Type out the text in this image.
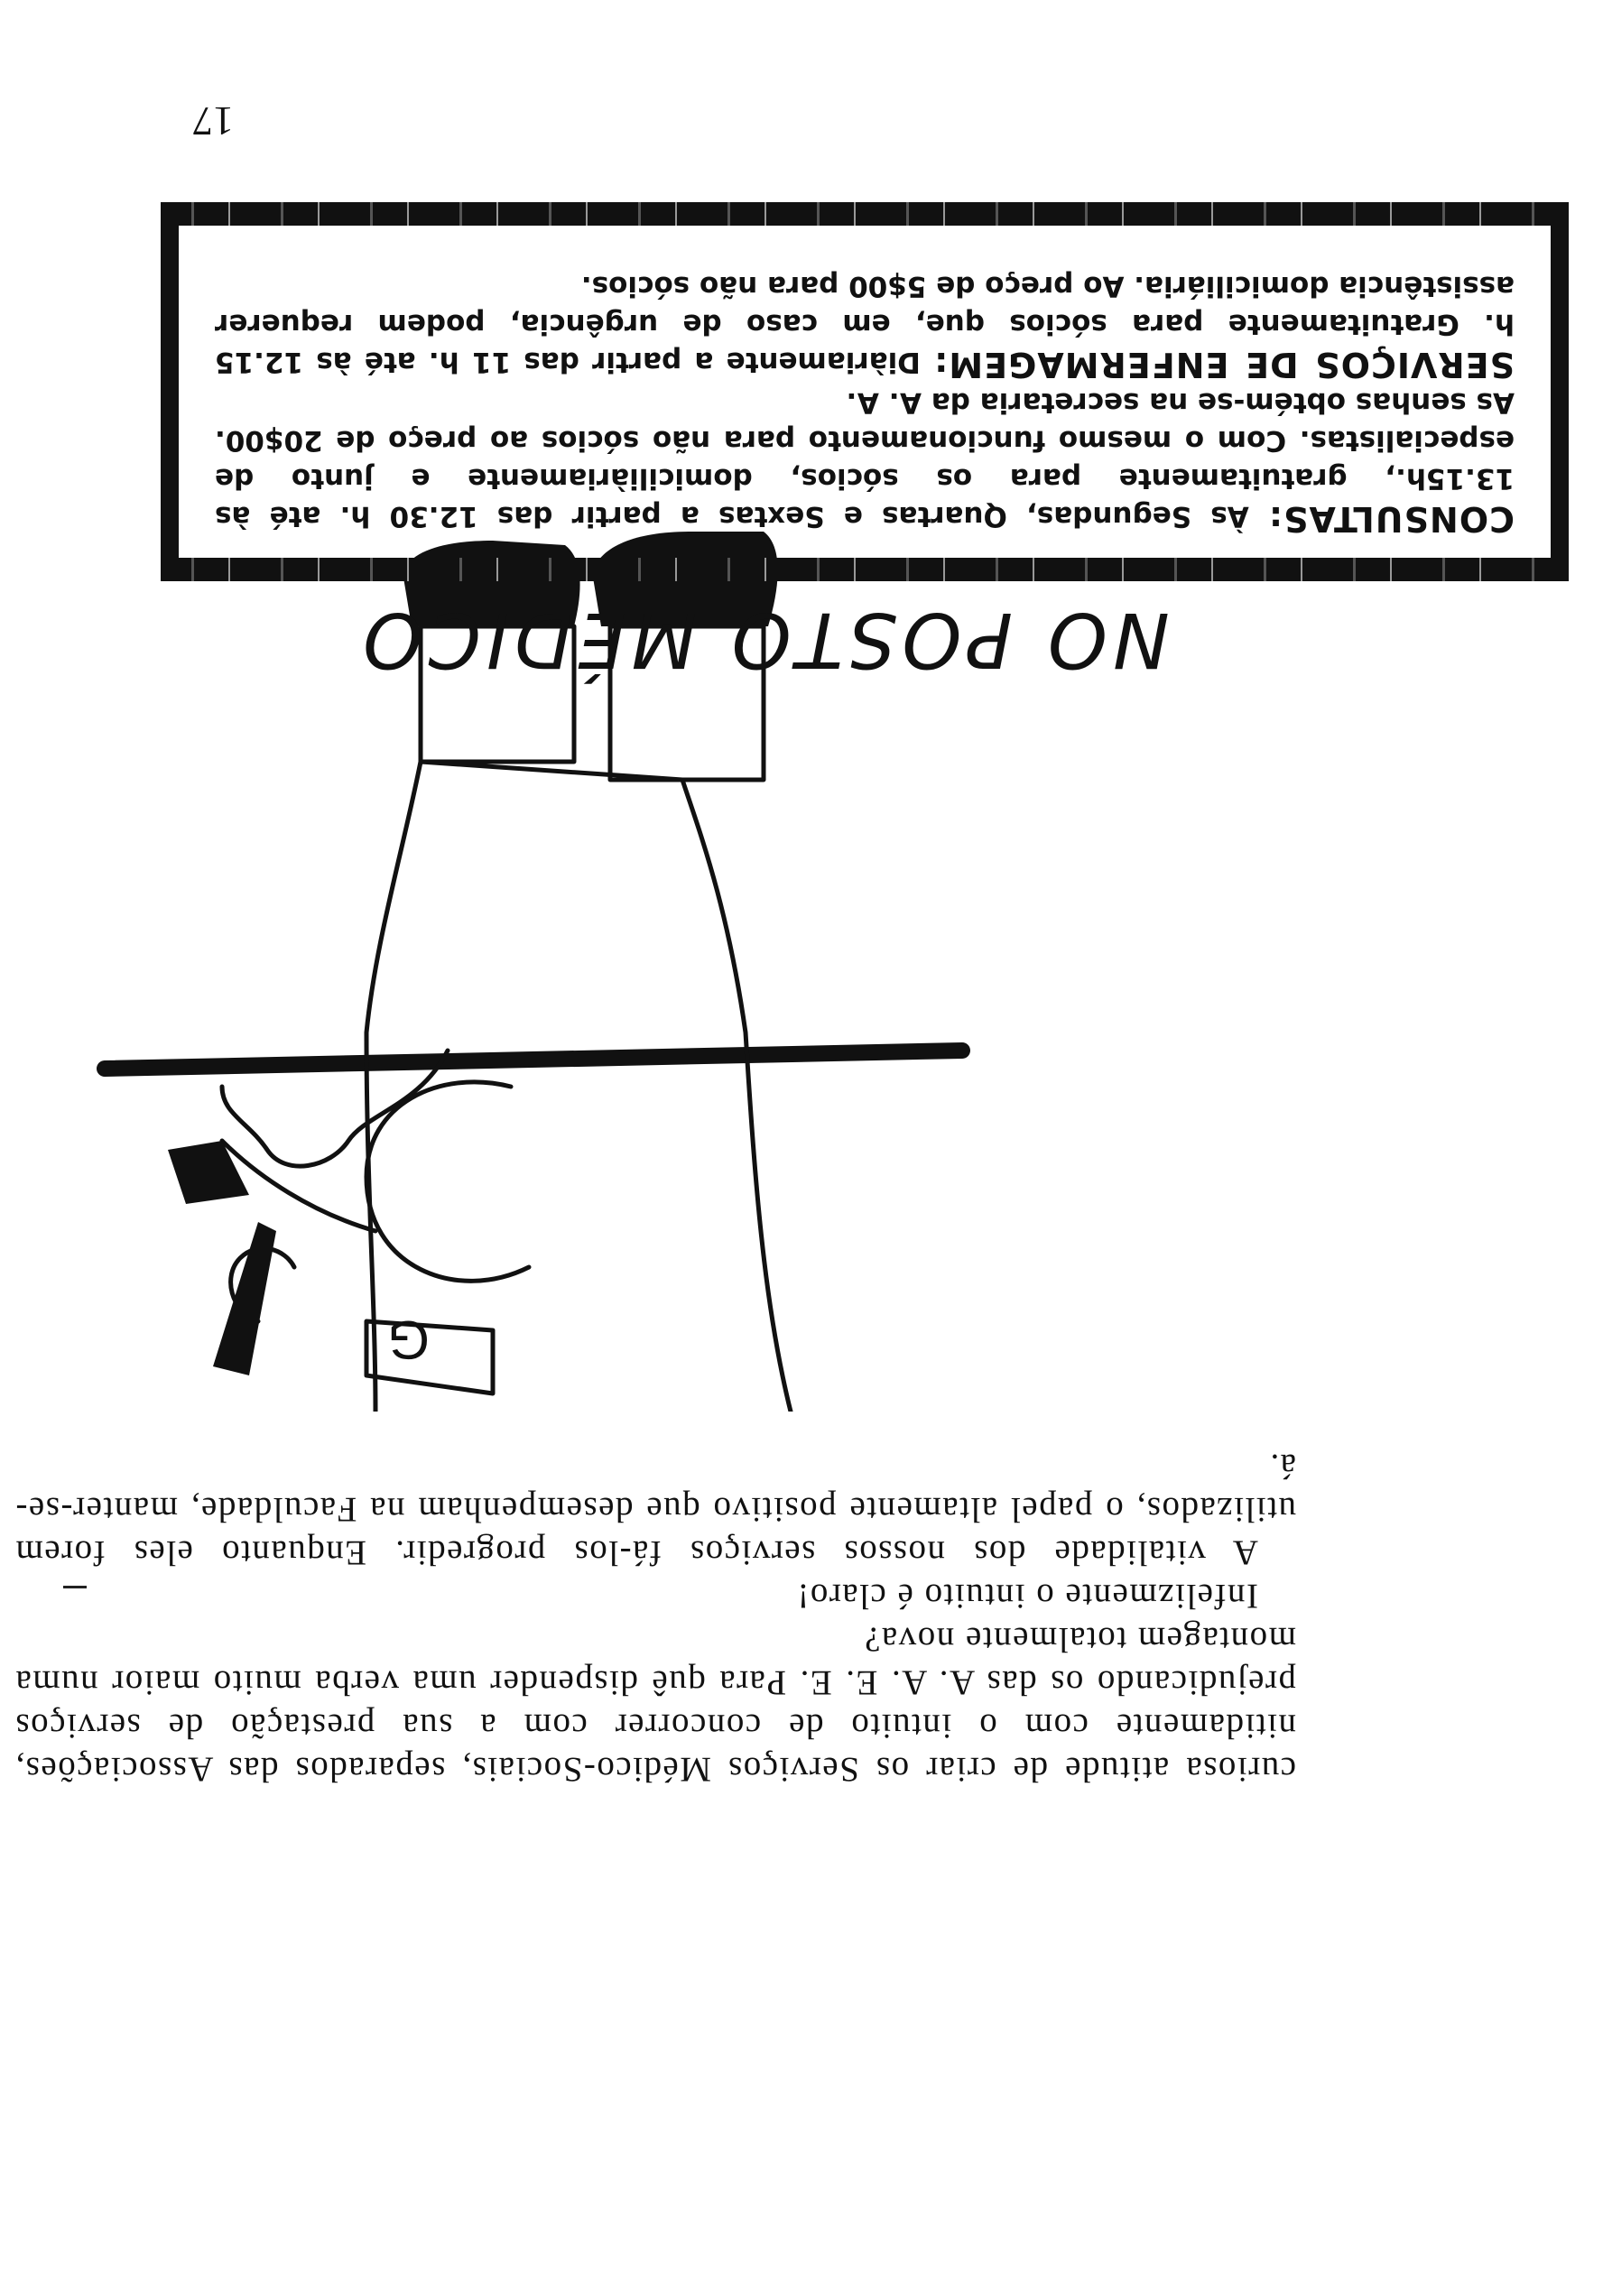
curiosa atitude de criar os Serviços Médico-Sociais, separados das Associações, nitidamente com o intuito de concorrer com a sua prestação de serviços prejudicando os das A. A. E. E. Para quê dispender uma verba muito maior numa montagem totalmente nova?

Infelizmente o intuito é claro!

A vitalidade dos nossos serviços fá-los progredir. Enquanto eles forem utilizados, o papel altamente positivo que desempenham na Faculdade, manter-se-á.

G
NO POSTO MÉDICO

CONSULTAS: Às Segundas, Quartas e Sextas a partir das 12.30 h. até às 13.15h., gratuitamente para os sócios, domiciliàriamente e junto de especialistas. Com o mesmo funcionamento para não sócios ao preço de 20$00. As senhas obtém-se na secretaria da A. A.

SERVIÇOS DE ENFERMAGEM: Diàriamente a partir das 11 h. até às 12.15 h. Gratuitamente para sócios que, em caso de urgência, podem requerer assistência domiciliária. Ao preço de 5$00 para não sócios.

17
